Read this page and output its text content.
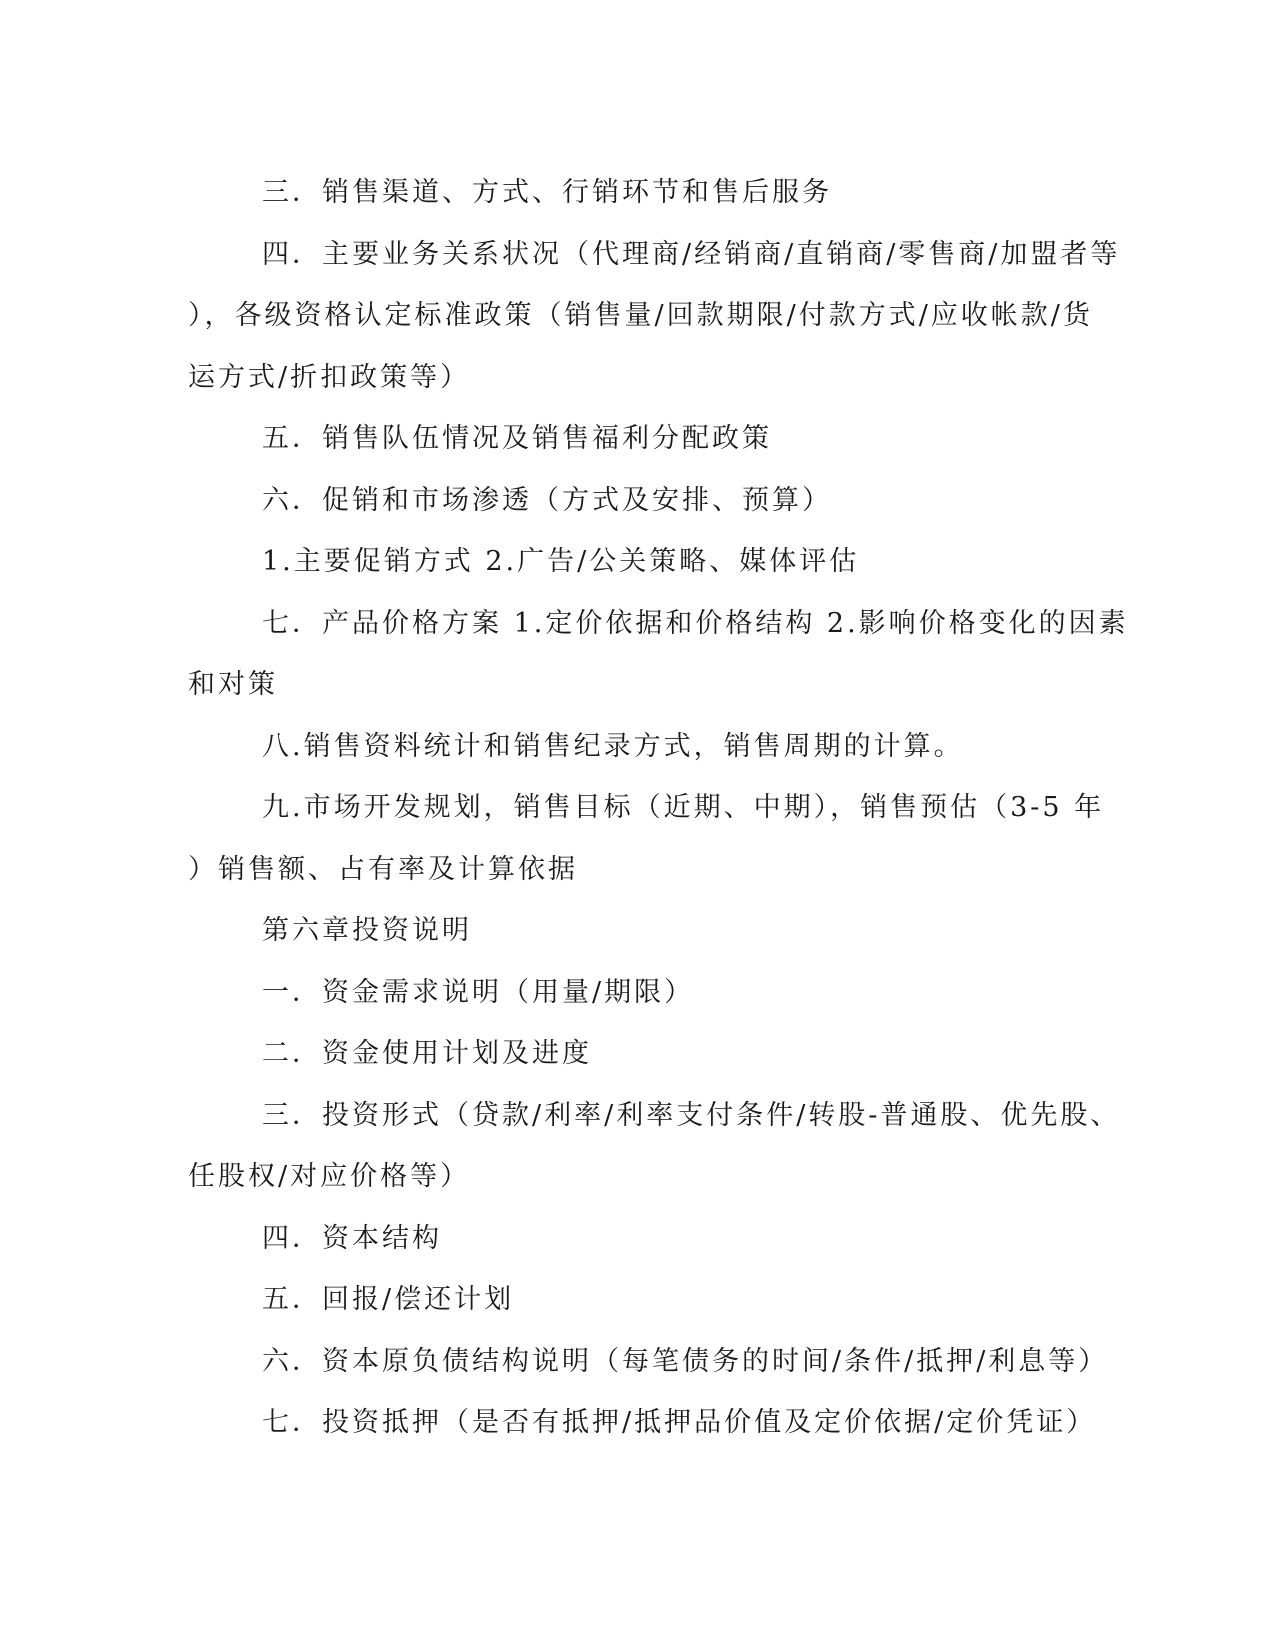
三．销售渠道、方式、行销环节和售后服务
四．主要业务关系状况（代理商/经销商/直销商/零售商/加盟者等
），各级资格认定标准政策（销售量/回款期限/付款方式/应收帐款/货
运方式/折扣政策等）
五．销售队伍情况及销售福利分配政策
六．促销和市场渗透（方式及安排、预算）
1.主要促销方式 2.广告/公关策略、媒体评估
七．产品价格方案 1.定价依据和价格结构 2.影响价格变化的因素
和对策
八.销售资料统计和销售纪录方式，销售周期的计算。
九.市场开发规划，销售目标（近期、中期），销售预估（3-5 年
）销售额、占有率及计算依据
第六章投资说明
一．资金需求说明（用量/期限）
二．资金使用计划及进度
三．投资形式（贷款/利率/利率支付条件/转股-普通股、优先股、
任股权/对应价格等）
四．资本结构
五．回报/偿还计划
六．资本原负债结构说明（每笔债务的时间/条件/抵押/利息等）
七．投资抵押（是否有抵押/抵押品价值及定价依据/定价凭证）
